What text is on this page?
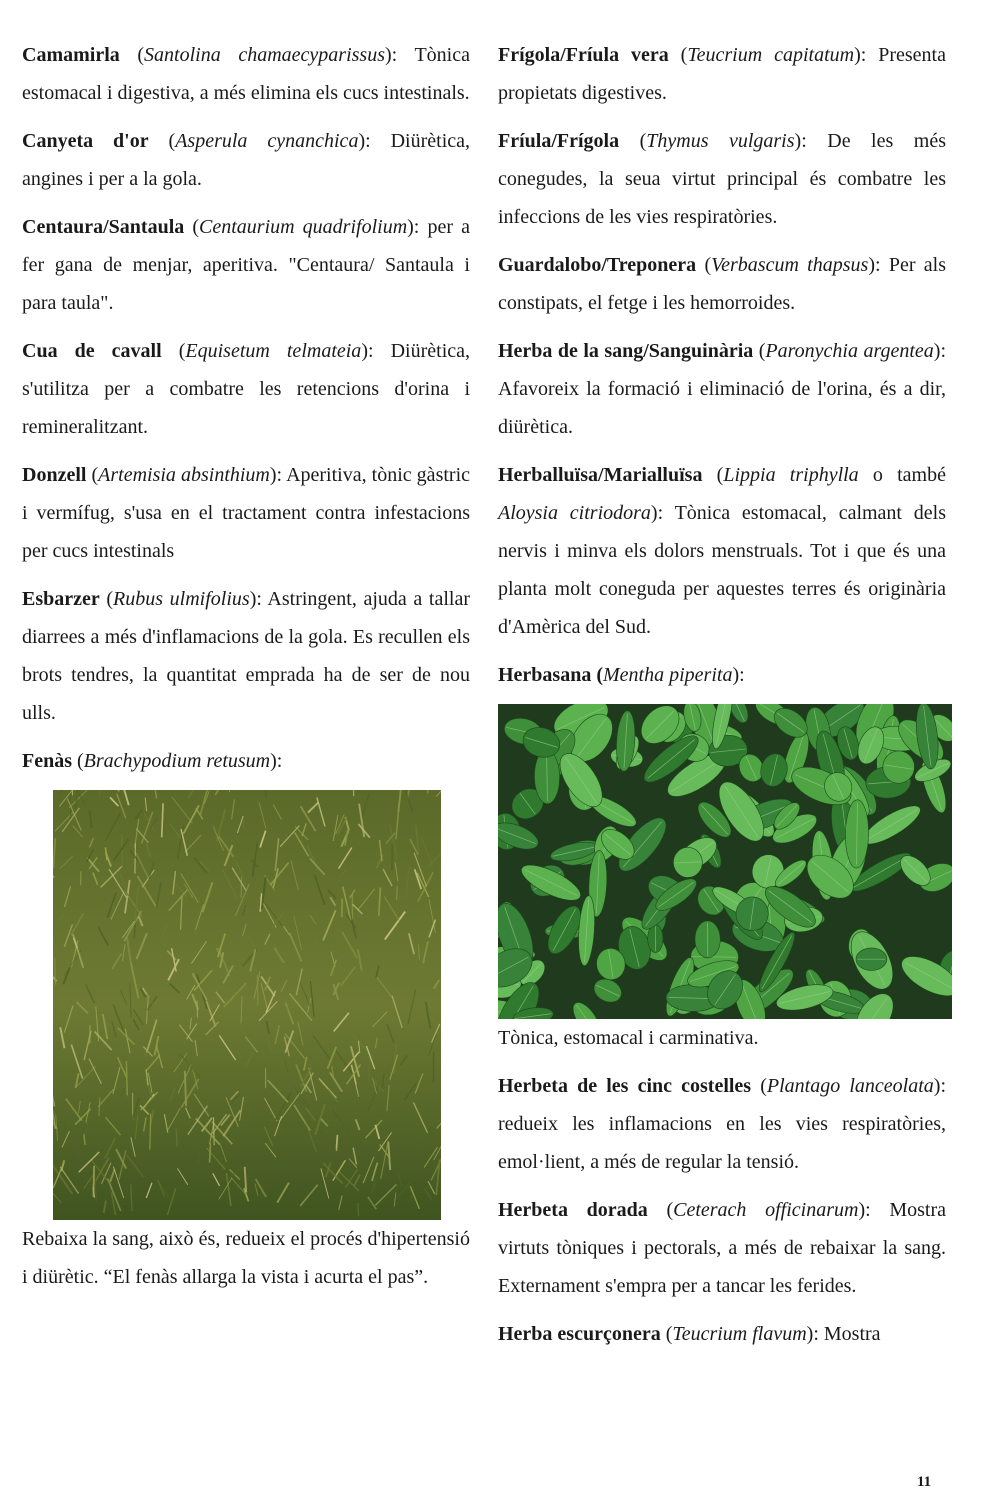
Camamirla (Santolina chamaecyparissus): Tònica estomacal i digestiva, a més elimina els cucs intestinals.

Canyeta d'or (Asperula cynanchica): Diürètica, angines i per a la gola.

Centaura/Santaula (Centaurium quadrifolium): per a fer gana de menjar, aperitiva. "Centaura/ Santaula i para taula".

Cua de cavall (Equisetum telmateia): Diürètica, s'utilitza per a combatre les retencions d'orina i remineralitzant.

Donzell (Artemisia absinthium): Aperitiva, tònic gàstric i vermífug, s'usa en el tractament contra infestacions per cucs intestinals

Esbarzer (Rubus ulmifolius): Astringent, ajuda a tallar diarrees a més d'inflamacions de la gola. Es recullen els brots tendres, la quantitat emprada ha de ser de nou ulls.

Fenàs (Brachypodium retusum):

Rebaixa la sang, això és, redueix el procés d'hipertensió i diürètic. “El fenàs allarga la vista i acurta el pas”.

Frígola/Fríula vera (Teucrium capitatum): Presenta propietats digestives.

Fríula/Frígola (Thymus vulgaris): De les més conegudes, la seua virtut principal és combatre les infeccions de les vies respiratòries.

Guardalobo/Treponera (Verbascum thapsus): Per als constipats, el fetge i les hemorroides.

Herba de la sang/Sanguinària (Paronychia argentea): Afavoreix la formació i eliminació de l'orina, és a dir, diürètica.

Herballuïsa/Marialluïsa (Lippia triphylla o també Aloysia citriodora): Tònica estomacal, calmant dels nervis i minva els dolors menstruals. Tot i que és una planta molt coneguda per aquestes terres és originària d'Amèrica del Sud.

Herbasana (Mentha piperita):

Tònica, estomacal i carminativa.

Herbeta de les cinc costelles (Plantago lanceolata): redueix les inflamacions en les vies respiratòries, emol·lient, a més de regular la tensió.

Herbeta dorada (Ceterach officinarum): Mostra virtuts tòniques i pectorals, a més de rebaixar la sang. Externament s'empra per a tancar les ferides.

Herba escurçonera (Teucrium flavum): Mostra

11
